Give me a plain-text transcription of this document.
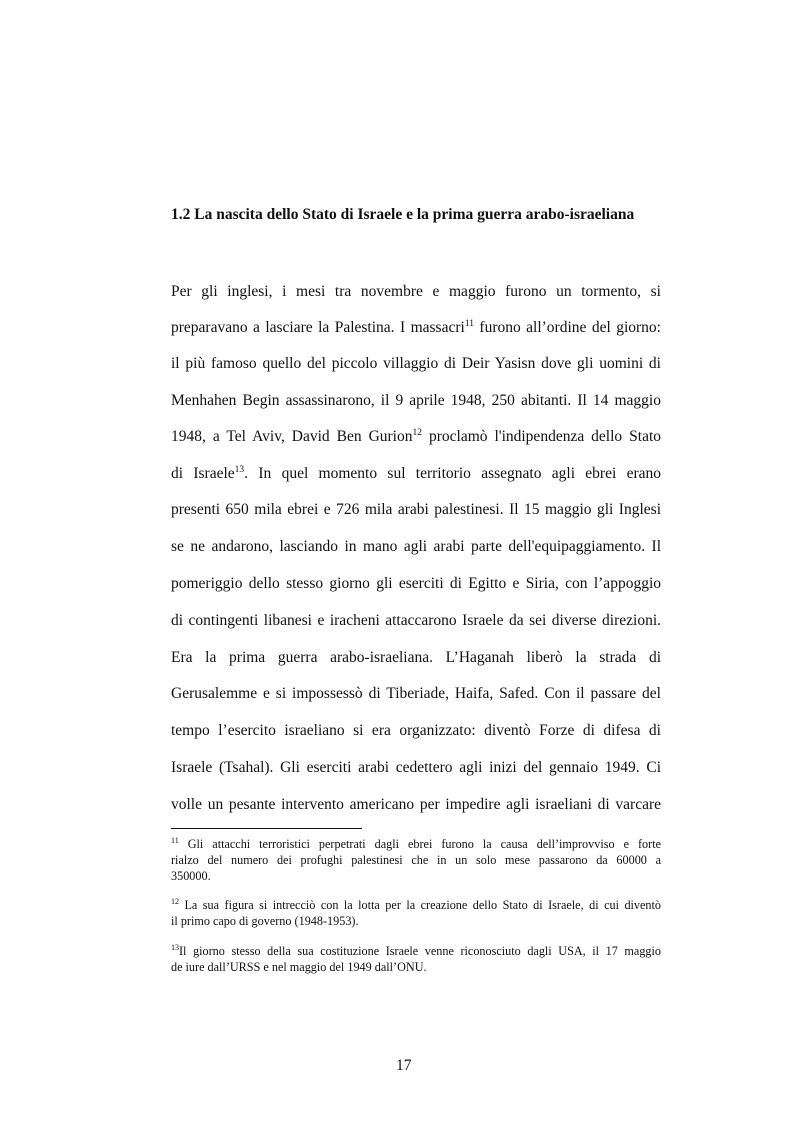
1.2 La nascita dello Stato di Israele e la prima guerra arabo-israeliana

Per gli inglesi, i mesi tra novembre e maggio furono un tormento, si

preparavano a lasciare la Palestina. I massacri$^{11}$ furono all’ordine del giorno:

il più famoso quello del piccolo villaggio di Deir Yasisn dove gli uomini di

Menhahen Begin assassinarono, il 9 aprile 1948, 250 abitanti. Il 14 maggio

1948, a Tel Aviv, David Ben Gurion$^{12}$ proclamò l'indipendenza dello Stato

di Israele$^{13}$. In quel momento sul territorio assegnato agli ebrei erano

presenti 650 mila ebrei e 726 mila arabi palestinesi. Il 15 maggio gli Inglesi

se ne andarono, lasciando in mano agli arabi parte dell'equipaggiamento. Il

pomeriggio dello stesso giorno gli eserciti di Egitto e Siria, con l’appoggio

di contingenti libanesi e iracheni attaccarono Israele da sei diverse direzioni.

Era la prima guerra arabo-israeliana. L’Haganah liberò la strada di

Gerusalemme e si impossessò di Tiberiade, Haifa, Safed. Con il passare del

tempo l’esercito israeliano si era organizzato: diventò Forze di difesa di

Israele (Tsahal). Gli eserciti arabi cedettero agli inizi del gennaio 1949. Ci

volle un pesante intervento americano per impedire agli israeliani di varcare

$^{11}$ Gli attacchi terroristici perpetrati dagli ebrei furono la causa dell’improvviso e forte

rialzo del numero dei profughi palestinesi che in un solo mese passarono da 60000 a

350000.

$^{12}$ La sua figura si intrecciò con la lotta per la creazione dello Stato di Israele, di cui diventò

il primo capo di governo (1948-1953).

$^{13}$Il giorno stesso della sua costituzione Israele venne riconosciuto dagli USA, il 17 maggio

de iure dall’URSS e nel maggio del 1949 dall’ONU.

17
